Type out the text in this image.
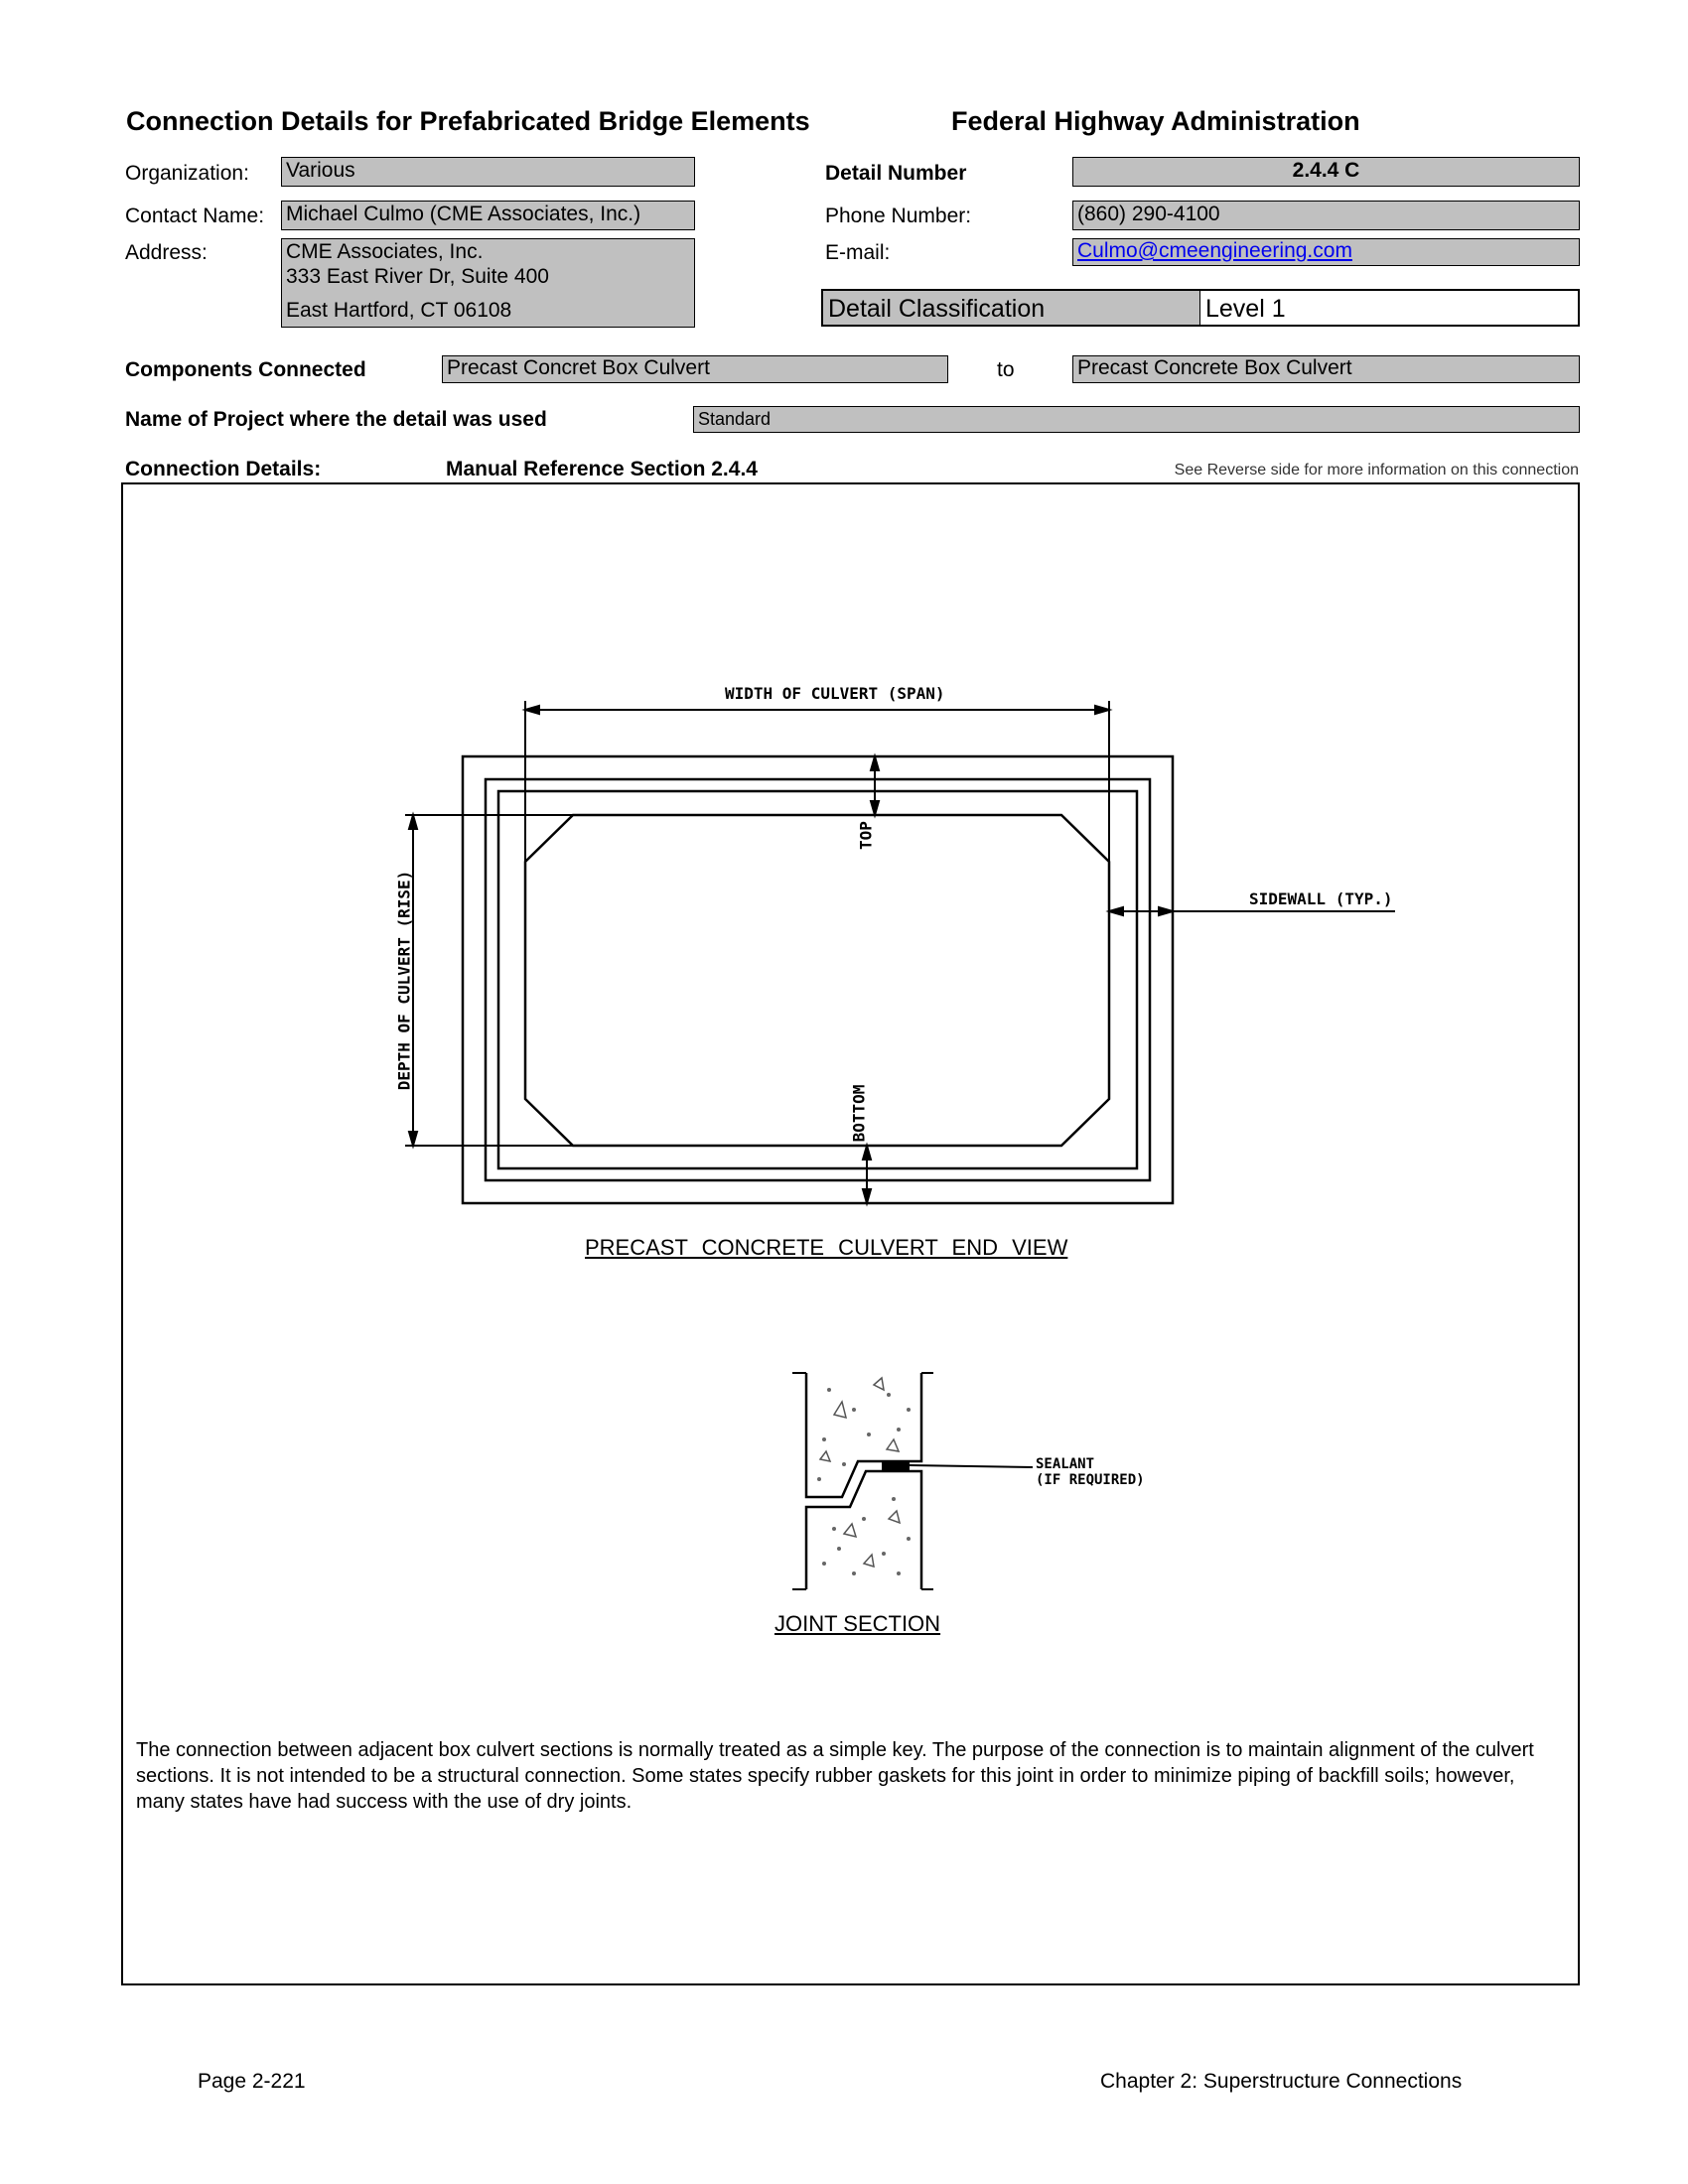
Connection Details for Prefabricated Bridge Elements	Federal Highway Administration
Organization: Various
Contact Name: Michael Culmo (CME Associates, Inc.)
Address:	CME Associates, Inc.
333 East River Dr, Suite 400
East Hartford, CT 06108
Detail Number	2.4.4 C
Phone Number:	(860) 290-4100
E-mail:	Culmo@cmeengineering.com
Detail Classification	Level 1
Components Connected	Precast Concret Box Culvert	to	Precast Concrete Box Culvert
Name of Project where the detail was used	Standard
Connection Details:	Manual Reference Section 2.4.4	See Reverse side for more information on this connection
WIDTH OF CULVERT (SPAN)
DEPTH OF CULVERT (RISE)
TOP
BOTTOM
SIDEWALL (TYP.)
PRECAST CONCRETE CULVERT END VIEW
SEALANT
(IF REQUIRED)
JOINT SECTION
The connection between adjacent box culvert sections is normally treated as a simple key. The purpose of the connection is to maintain alignment of the culvert sections. It is not intended to be a structural connection. Some states specify rubber gaskets for this joint in order to minimize piping of backfill soils; however, many states have had success with the use of dry joints.
Page 2-221	Chapter 2: Superstructure Connections
